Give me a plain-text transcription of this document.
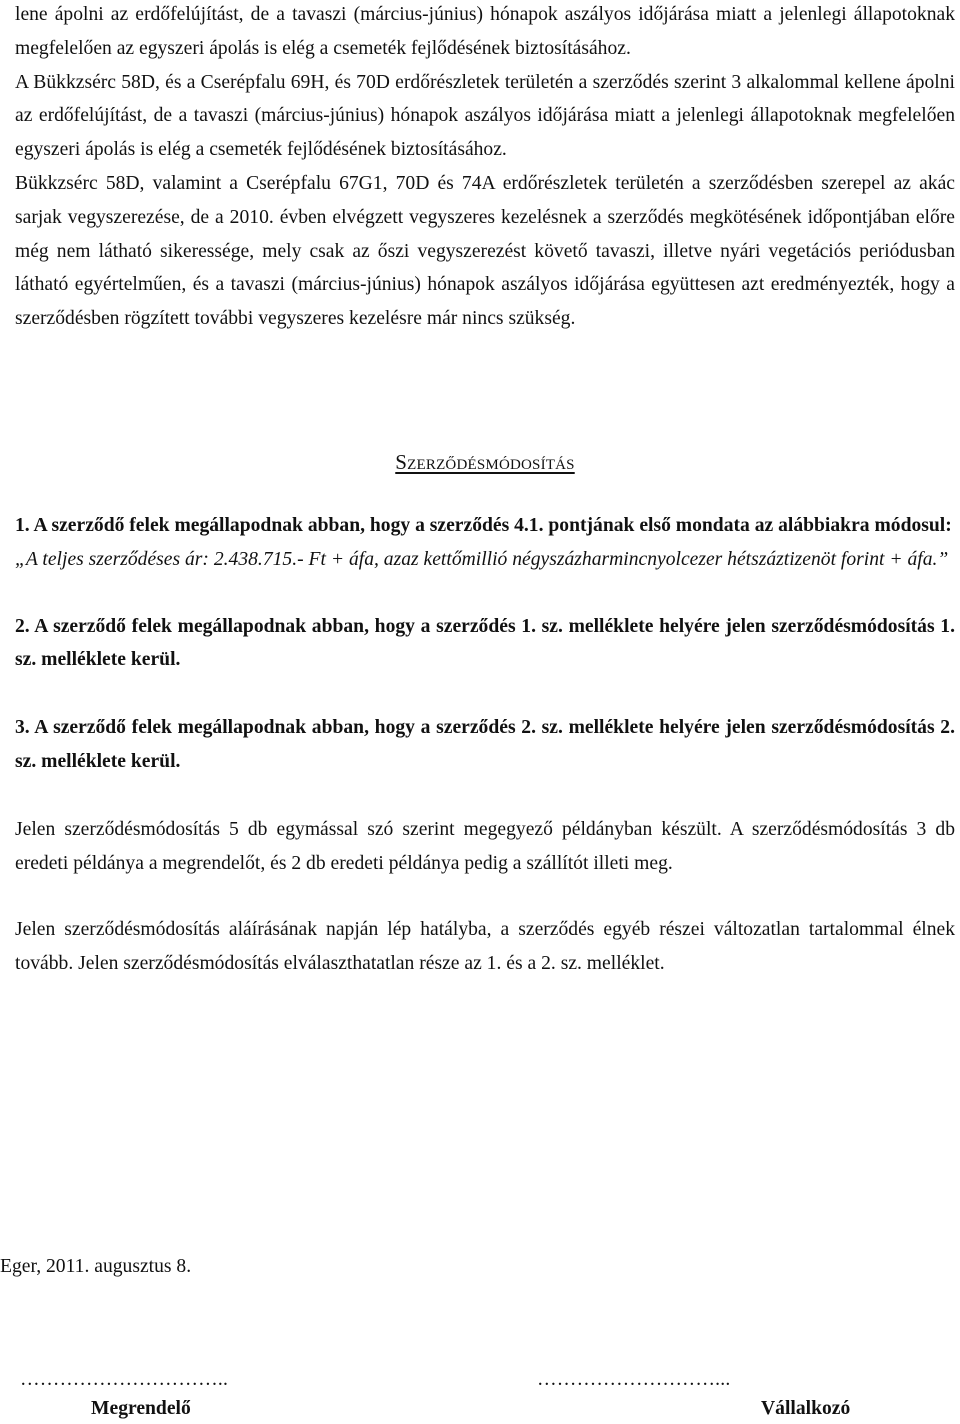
lene ápolni az erdőfelújítást, de a tavaszi (március-június) hónapok aszályos időjárása miatt a jelenlegi állapotoknak megfelelően az egyszeri ápolás is elég a csemeték fejlődésének biztosításához.

A Bükkzsérc 58D, és a Cserépfalu 69H, és 70D erdőrészletek területén a szerződés szerint 3 alkalommal kellene ápolni az erdőfelújítást, de a tavaszi (március-június) hónapok aszályos időjárása miatt a jelenlegi állapotoknak megfelelően egyszeri ápolás is elég a csemeték fejlődésének biztosításához.

Bükkzsérc 58D, valamint a Cserépfalu 67G1, 70D és 74A erdőrészletek területén a szerződésben szerepel az akác sarjak vegyszerezése, de a 2010. évben elvégzett vegyszeres kezelésnek a szerződés megkötésének időpontjában előre még nem látható sikeressége, mely csak az őszi vegyszerezést követő tavaszi, illetve nyári vegetációs periódusban látható egyértelműen, és a tavaszi (március-június) hónapok aszályos időjárása együttesen azt eredményezték, hogy a szerződésben rögzített további vegyszeres kezelésre már nincs szükség.

Szerződésmódosítás

1. A szerződő felek megállapodnak abban, hogy a szerződés 4.1. pontjának első mondata az alábbiakra módosul:

„A teljes szerződéses ár: 2.438.715.- Ft + áfa, azaz kettőmillió négyszázharmincnyolcezer hétszáztizenöt forint + áfa.”

2. A szerződő felek megállapodnak abban, hogy a szerződés 1. sz. melléklete helyére jelen szerződésmódosítás 1. sz. melléklete kerül.

3. A szerződő felek megállapodnak abban, hogy a szerződés 2. sz. melléklete helyére jelen szerződésmódosítás 2. sz. melléklete kerül.

Jelen szerződésmódosítás 5 db egymással szó szerint megegyező példányban készült. A szerződésmódosítás 3 db eredeti példánya a megrendelőt, és 2 db eredeti példánya pedig a szállítót illeti meg.

Jelen szerződésmódosítás aláírásának napján lép hatályba, a szerződés egyéb részei változatlan tartalommal élnek tovább. Jelen szerződésmódosítás elválaszthatatlan része az 1. és a 2. sz. melléklet.

Eger, 2011. augusztus 8.
…………………………..
Megrendelő
………………………...
Vállalkozó
